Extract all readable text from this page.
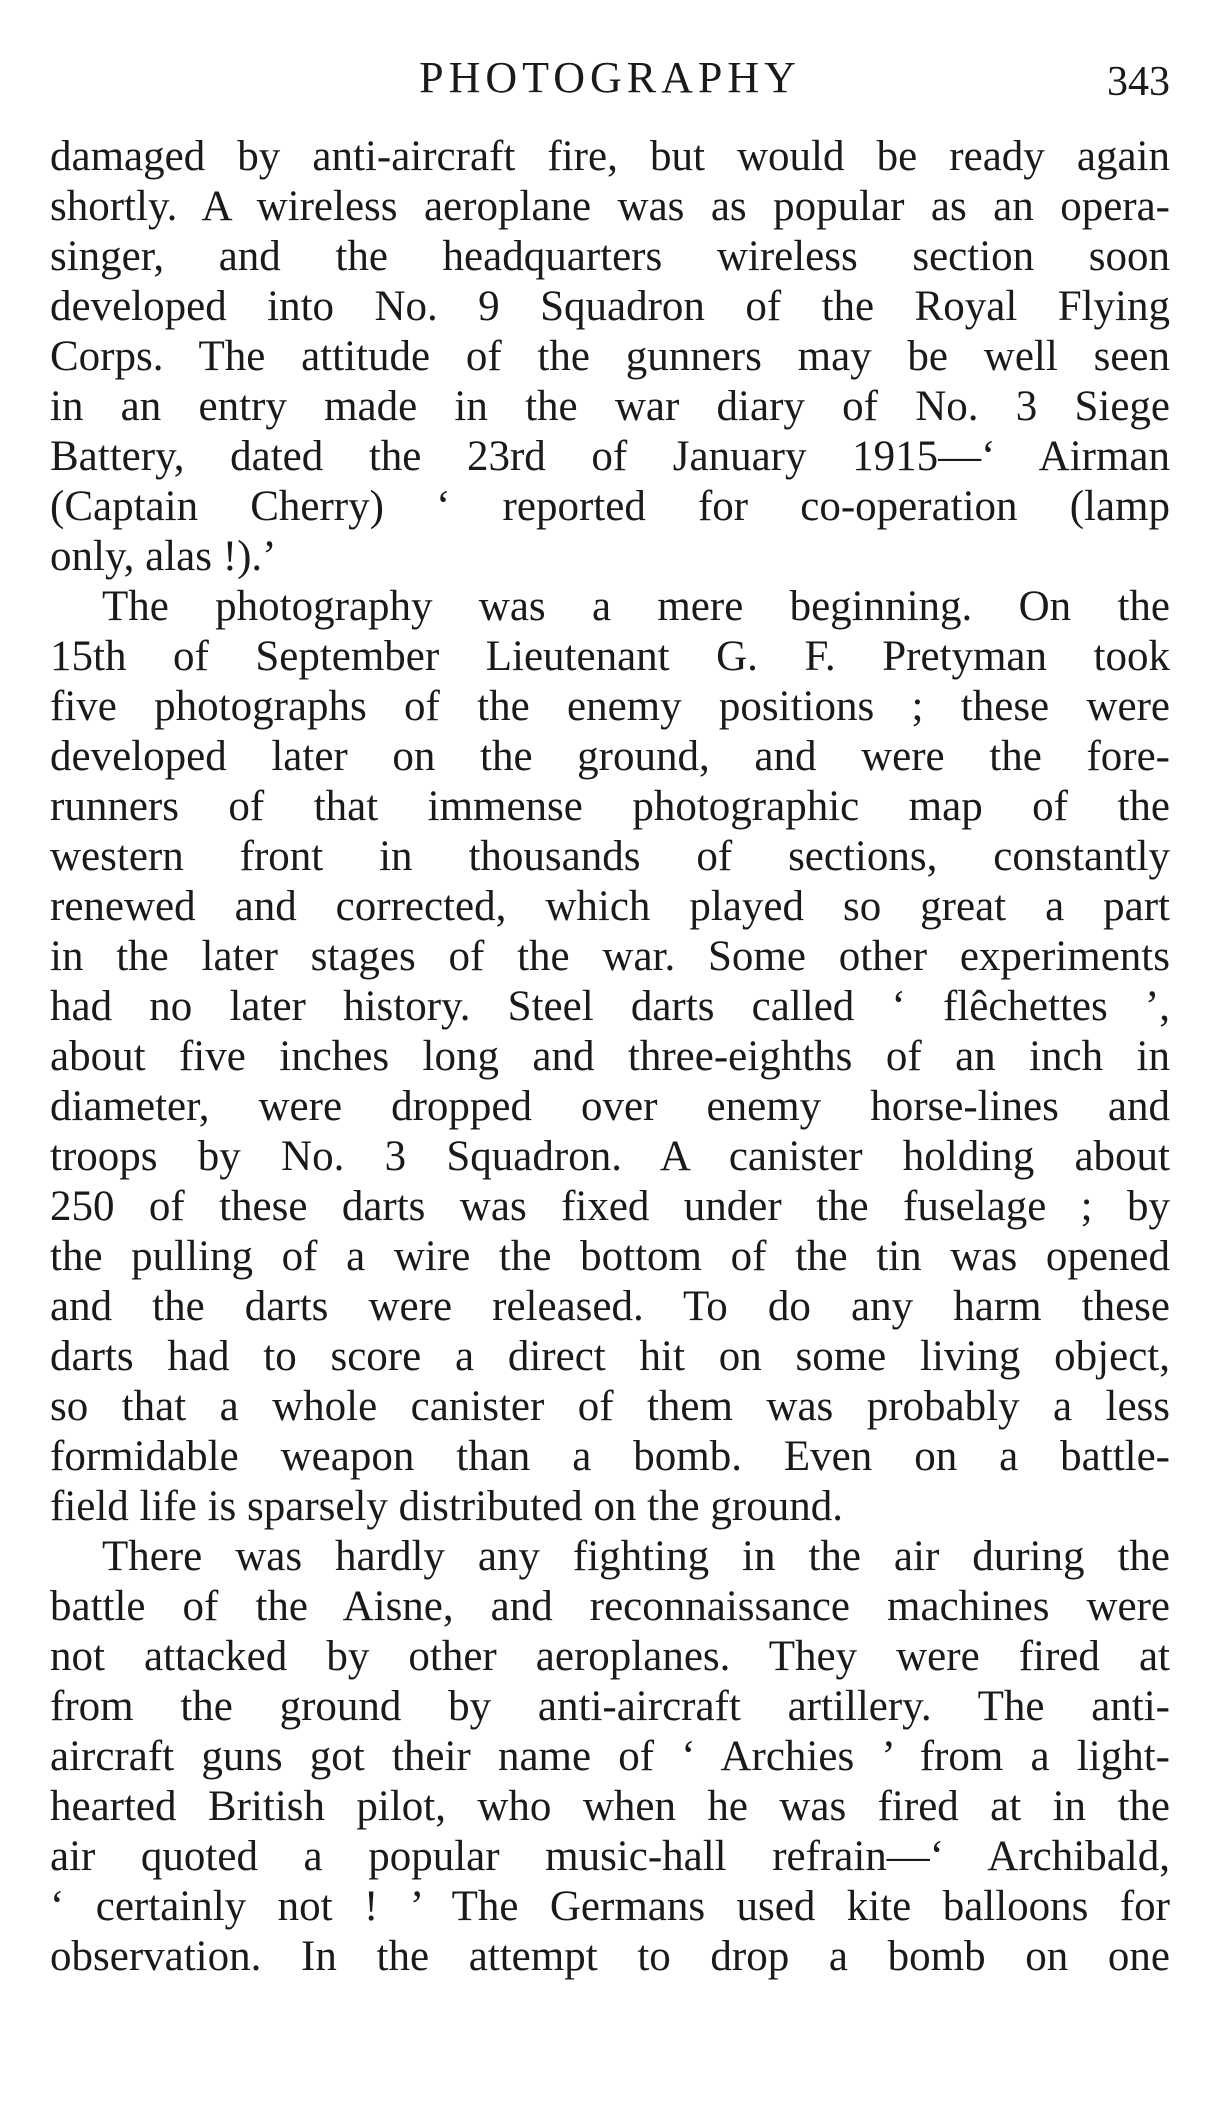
PHOTOGRAPHY	343
damaged by anti-aircraft fire, but would be ready again
shortly. A wireless aeroplane was as popular as an opera-
singer, and the headquarters wireless section soon
developed into No. 9 Squadron of the Royal Flying
Corps. The attitude of the gunners may be well seen
in an entry made in the war diary of No. 3 Siege
Battery, dated the 23rd of January 1915—‘ Airman
(Captain Cherry) ‘ reported for co-operation (lamp
only, alas !).’
The photography was a mere beginning. On the
15th of September Lieutenant G. F. Pretyman took
five photographs of the enemy positions ; these were
developed later on the ground, and were the fore-
runners of that immense photographic map of the
western front in thousands of sections, constantly
renewed and corrected, which played so great a part
in the later stages of the war. Some other experiments
had no later history. Steel darts called ‘ flêchettes ’,
about five inches long and three-eighths of an inch in
diameter, were dropped over enemy horse-lines and
troops by No. 3 Squadron. A canister holding about
250 of these darts was fixed under the fuselage ; by
the pulling of a wire the bottom of the tin was opened
and the darts were released. To do any harm these
darts had to score a direct hit on some living object,
so that a whole canister of them was probably a less
formidable weapon than a bomb. Even on a battle-
field life is sparsely distributed on the ground.
There was hardly any fighting in the air during the
battle of the Aisne, and reconnaissance machines were
not attacked by other aeroplanes. They were fired at
from the ground by anti-aircraft artillery. The anti-
aircraft guns got their name of ‘ Archies ’ from a light-
hearted British pilot, who when he was fired at in the
air quoted a popular music-hall refrain—‘ Archibald,
‘ certainly not ! ’ The Germans used kite balloons for
observation. In the attempt to drop a bomb on one
